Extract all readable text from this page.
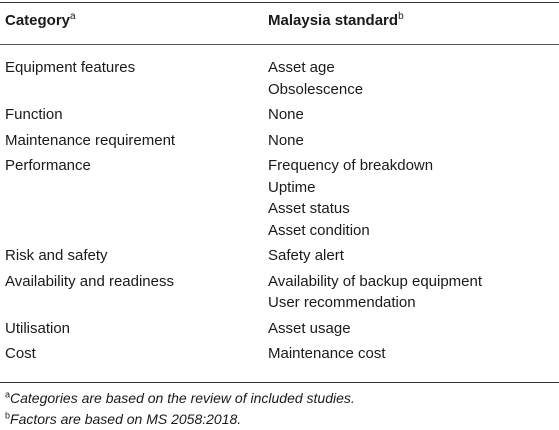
Category$^a$	Malaysia standard$^b$
Equipment features	Asset age
Obsolescence
Function	None
Maintenance requirement	None
Performance	Frequency of breakdown
Uptime
Asset status
Asset condition
Risk and safety	Safety alert
Availability and readiness	Availability of backup equipment
User recommendation
Utilisation	Asset usage
Cost	Maintenance cost
$^a$Categories are based on the review of included studies.
$^b$Factors are based on MS 2058:2018.
